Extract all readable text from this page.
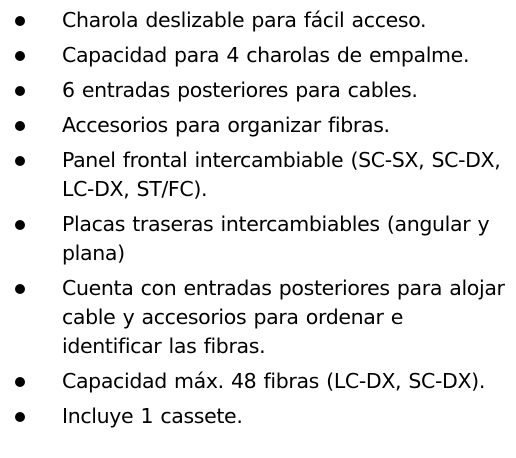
Charola deslizable para fácil acceso.
Capacidad para 4 charolas de empalme.
6 entradas posteriores para cables.
Accesorios para organizar fibras.
Panel frontal intercambiable (SC-SX, SC-DX, LC-DX, ST/FC).
Placas traseras intercambiables (angular y plana)
Cuenta con entradas posteriores para alojar cable y accesorios para ordenar e identificar las fibras.
Capacidad máx. 48 fibras (LC-DX, SC-DX).
Incluye 1 cassete.
